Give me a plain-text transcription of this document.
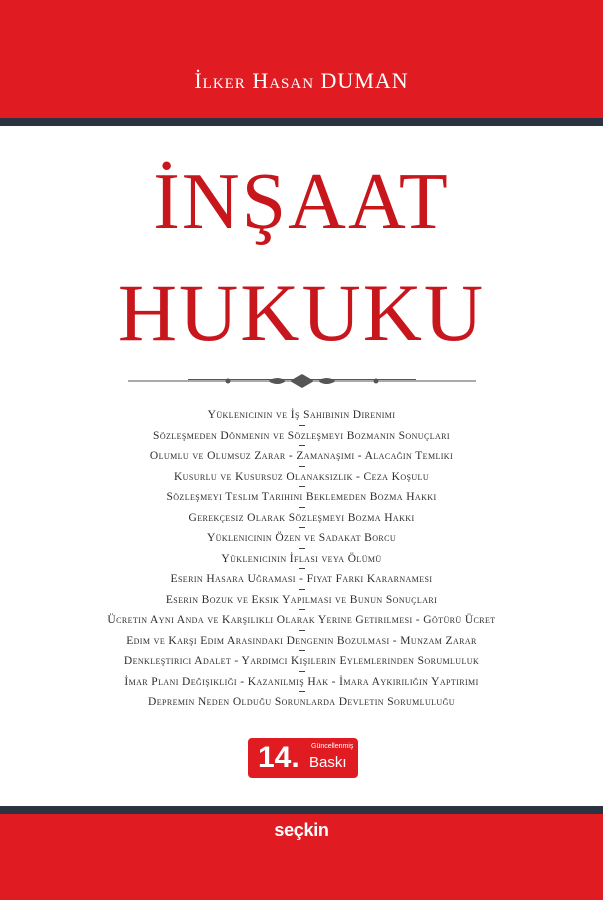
İlker Hasan DUMAN
İNŞAAT
HUKUKU
Yüklenicinin ve İş Sahibinin Direnimi
Sözleşmeden Dönmenin ve Sözleşmeyi Bozmanın Sonuçları
Olumlu ve Olumsuz Zarar - Zamanaşımı - Alacağın Temliki
Kusurlu ve Kusursuz Olanaksızlık - Ceza Koşulu
Sözleşmeyi Teslim Tarihini Beklemeden Bozma Hakkı
Gerekçesiz Olarak Sözleşmeyi Bozma Hakkı
Yüklenicinin Özen ve Sadakat Borcu
Yüklenicinin İflası veya Ölümü
Eserin Hasara Uğraması - Fiyat Farkı Kararnamesi
Eserin Bozuk ve Eksik Yapılması ve Bunun Sonuçları
Ücretin Aynı Anda ve Karşılıklı Olarak Yerine Getirilmesi - Götürü Ücret
Edim ve Karşı Edim Arasındaki Dengenin Bozulması - Munzam Zarar
Denkleştirici Adalet - Yardımcı Kişilerin Eylemlerinden Sorumluluk
İmar Planı Değişikliği - Kazanılmış Hak - İmara Aykırılığın Yaptırımı
Depremin Neden Olduğu Sorunlarda Devletin Sorumluluğu
14. Güncellenmiş
Baskı
seçkin
